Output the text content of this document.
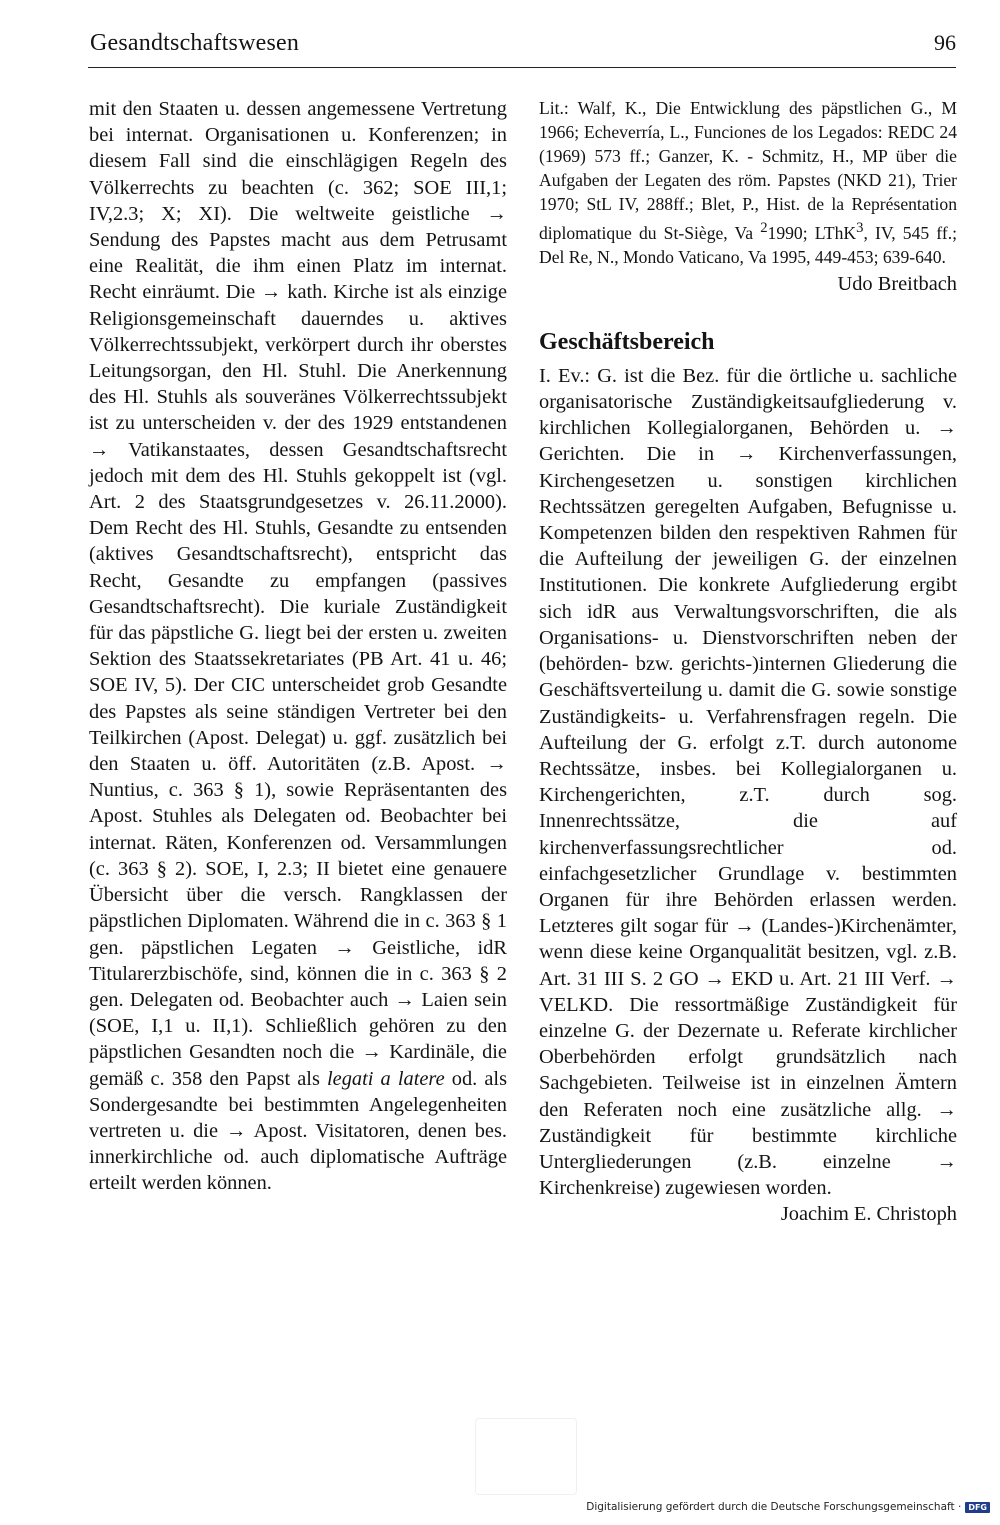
Gesandtschaftswesen	96

mit den Staaten u. dessen angemessene Vertretung bei internat. Organisationen u. Konferenzen; in diesem Fall sind die einschlägigen Regeln des Völkerrechts zu beachten (c. 362; SOE III,1; IV,2.3; X; XI). Die weltweite geistliche → Sendung des Papstes macht aus dem Petrusamt eine Realität, die ihm einen Platz im internat. Recht einräumt. Die → kath. Kirche ist als einzige Religionsgemeinschaft dauerndes u. aktives Völkerrechtssubjekt, verkörpert durch ihr oberstes Leitungsorgan, den Hl. Stuhl. Die Anerkennung des Hl. Stuhls als souveränes Völkerrechtssubjekt ist zu unterscheiden v. der des 1929 entstandenen → Vatikanstaates, dessen Gesandtschaftsrecht jedoch mit dem des Hl. Stuhls gekoppelt ist (vgl. Art. 2 des Staatsgrundgesetzes v. 26.11.2000). Dem Recht des Hl. Stuhls, Gesandte zu entsenden (aktives Gesandtschaftsrecht), entspricht das Recht, Gesandte zu empfangen (passives Gesandtschaftsrecht). Die kuriale Zuständigkeit für das päpstliche G. liegt bei der ersten u. zweiten Sektion des Staatssekretariates (PB Art. 41 u. 46; SOE IV, 5). Der CIC unterscheidet grob Gesandte des Papstes als seine ständigen Vertreter bei den Teilkirchen (Apost. Delegat) u. ggf. zusätzlich bei den Staaten u. öff. Autoritäten (z.B. Apost. → Nuntius, c. 363 § 1), sowie Repräsentanten des Apost. Stuhles als Delegaten od. Beobachter bei internat. Räten, Konferenzen od. Versammlungen (c. 363 § 2). SOE, I, 2.3; II bietet eine genauere Übersicht über die versch. Rangklassen der päpstlichen Diplomaten. Während die in c. 363 § 1 gen. päpstlichen Legaten → Geistliche, idR Titularerzbischöfe, sind, können die in c. 363 § 2 gen. Delegaten od. Beobachter auch → Laien sein (SOE, I,1 u. II,1). Schließlich gehören zu den päpstlichen Gesandten noch die → Kardinäle, die gemäß c. 358 den Papst als legati a latere od. als Sondergesandte bei bestimmten Angelegenheiten vertreten u. die → Apost. Visitatoren, denen bes. innerkirchliche od. auch diplomatische Aufträge erteilt werden können.

Lit.: Walf, K., Die Entwicklung des päpstlichen G., M 1966; Echeverría, L., Funciones de los Legados: REDC 24 (1969) 573 ff.; Ganzer, K. - Schmitz, H., MP über die Aufgaben der Legaten des röm. Papstes (NKD 21), Trier 1970; StL IV, 288ff.; Blet, P., Hist. de la Représentation diplomatique du St-Siège, Va $^2$1990; LThK$^3$, IV, 545 ff.; Del Re, N., Mondo Vaticano, Va 1995, 449-453; 639-640.

Udo Breitbach

Geschäftsbereich

I. Ev.: G. ist die Bez. für die örtliche u. sachliche organisatorische Zuständigkeitsaufgliederung v. kirchlichen Kollegialorganen, Behörden u. → Gerichten. Die in → Kirchenverfassungen, Kirchengesetzen u. sonstigen kirchlichen Rechtssätzen geregelten Aufgaben, Befugnisse u. Kompetenzen bilden den respektiven Rahmen für die Aufteilung der jeweiligen G. der einzelnen Institutionen. Die konkrete Aufgliederung ergibt sich idR aus Verwaltungsvorschriften, die als Organisations- u. Dienstvorschriften neben der (behörden- bzw. gerichts-)internen Gliederung die Geschäftsverteilung u. damit die G. sowie sonstige Zuständigkeits- u. Verfahrensfragen regeln. Die Aufteilung der G. erfolgt z.T. durch autonome Rechtssätze, insbes. bei Kollegialorganen u. Kirchengerichten, z.T. durch sog. Innenrechtssätze, die auf kirchenverfassungsrechtlicher od. einfachgesetzlicher Grundlage v. bestimmten Organen für ihre Behörden erlassen werden. Letzteres gilt sogar für → (Landes-)Kirchenämter, wenn diese keine Organqualität besitzen, vgl. z.B. Art. 31 III S. 2 GO → EKD u. Art. 21 III Verf. → VELKD. Die ressortmäßige Zuständigkeit für einzelne G. der Dezernate u. Referate kirchlicher Oberbehörden erfolgt grundsätzlich nach Sachgebieten. Teilweise ist in einzelnen Ämtern den Referaten noch eine zusätzliche allg. → Zuständigkeit für bestimmte kirchliche Untergliederungen (z.B. einzelne → Kirchenkreise) zugewiesen worden.

Joachim E. Christoph

Digitalisierung gefördert durch die Deutsche Forschungsgemeinschaft · DFG
